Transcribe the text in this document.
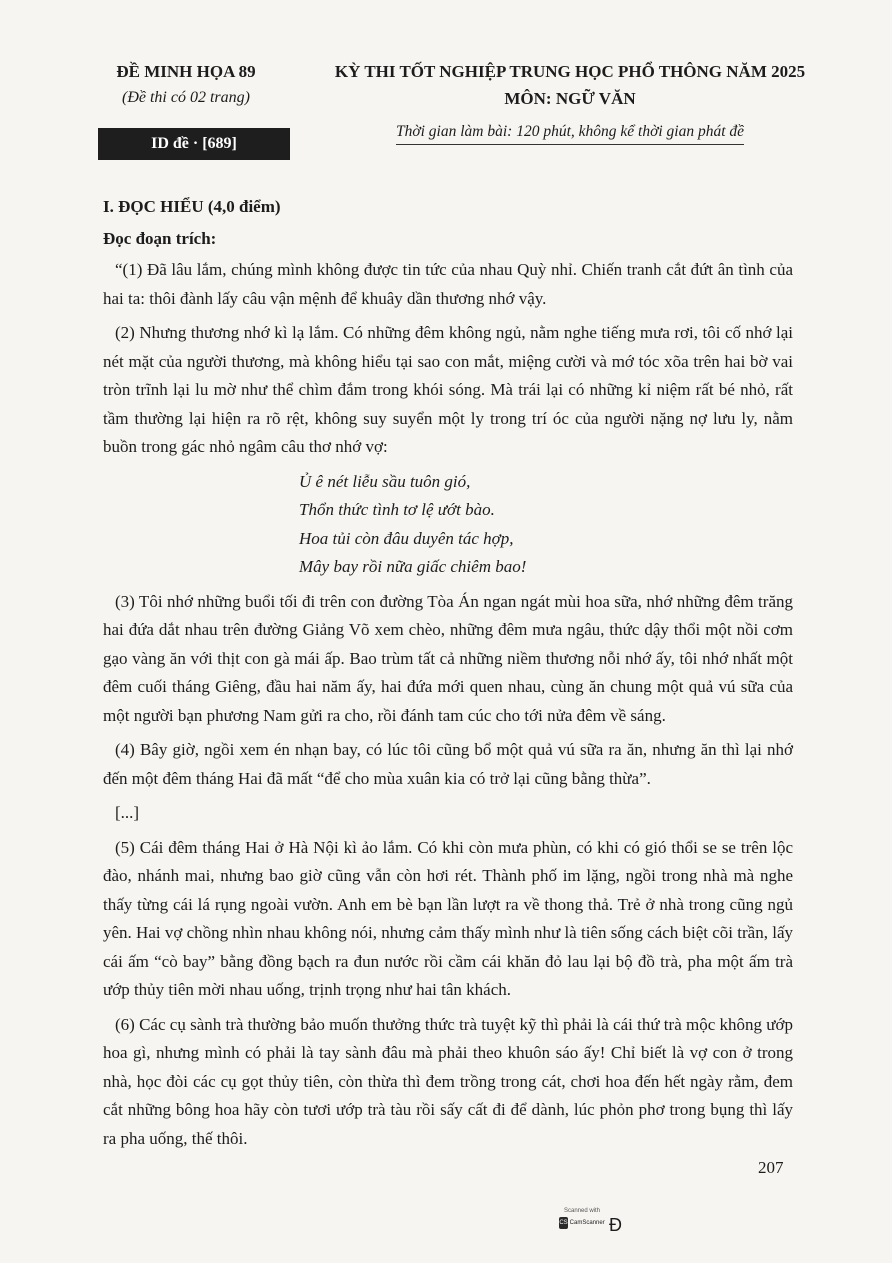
ĐỀ MINH HỌA 89
(Đề thi có 02 trang)
ID đề · [689]
KỲ THI TỐT NGHIỆP TRUNG HỌC PHỔ THÔNG NĂM 2025
MÔN: NGỮ VĂN
Thời gian làm bài: 120 phút, không kể thời gian phát đề
I. ĐỌC HIỂU (4,0 điểm)
Đọc đoạn trích:

“(1) Đã lâu lắm, chúng mình không được tin tức của nhau Quỳ nhỉ. Chiến tranh cắt đứt ân tình của hai ta: thôi đành lấy câu vận mệnh để khuây dần thương nhớ vậy.

(2) Nhưng thương nhớ kì lạ lắm. Có những đêm không ngủ, nằm nghe tiếng mưa rơi, tôi cố nhớ lại nét mặt của người thương, mà không hiểu tại sao con mắt, miệng cười và mớ tóc xõa trên hai bờ vai tròn trĩnh lại lu mờ như thể chìm đắm trong khói sóng. Mà trái lại có những kỉ niệm rất bé nhỏ, rất tầm thường lại hiện ra rõ rệt, không suy suyển một ly trong trí óc của người nặng nợ lưu ly, nằm buồn trong gác nhỏ ngâm câu thơ nhớ vợ:

Ủ ê nét liễu sầu tuôn gió,
Thổn thức tình tơ lệ ướt bào.
Hoa tủi còn đâu duyên tác hợp,
Mây bay rồi nữa giấc chiêm bao!

(3) Tôi nhớ những buổi tối đi trên con đường Tòa Án ngan ngát mùi hoa sữa, nhớ những đêm trăng hai đứa dắt nhau trên đường Giảng Võ xem chèo, những đêm mưa ngâu, thức dậy thổi một nồi cơm gạo vàng ăn với thịt con gà mái ấp. Bao trùm tất cả những niềm thương nỗi nhớ ấy, tôi nhớ nhất một đêm cuối tháng Giêng, đầu hai năm ấy, hai đứa mới quen nhau, cùng ăn chung một quả vú sữa của một người bạn phương Nam gửi ra cho, rồi đánh tam cúc cho tới nửa đêm về sáng.

(4) Bây giờ, ngồi xem én nhạn bay, có lúc tôi cũng bổ một quả vú sữa ra ăn, nhưng ăn thì lại nhớ đến một đêm tháng Hai đã mất “để cho mùa xuân kia có trở lại cũng bằng thừa”.

[...]

(5) Cái đêm tháng Hai ở Hà Nội kì ảo lắm. Có khi còn mưa phùn, có khi có gió thổi se se trên lộc đào, nhánh mai, nhưng bao giờ cũng vẫn còn hơi rét. Thành phố im lặng, ngồi trong nhà mà nghe thấy từng cái lá rụng ngoài vườn. Anh em bè bạn lần lượt ra về thong thả. Trẻ ở nhà trong cũng ngủ yên. Hai vợ chồng nhìn nhau không nói, nhưng cảm thấy mình như là tiên sống cách biệt cõi trần, lấy cái ấm “cò bay” bằng đồng bạch ra đun nước rồi cầm cái khăn đỏ lau lại bộ đồ trà, pha một ấm trà ướp thủy tiên mời nhau uống, trịnh trọng như hai tân khách.

(6) Các cụ sành trà thường bảo muốn thưởng thức trà tuyệt kỹ thì phải là cái thứ trà mộc không ướp hoa gì, nhưng mình có phải là tay sành đâu mà phải theo khuôn sáo ấy! Chỉ biết là vợ con ở trong nhà, học đòi các cụ gọt thủy tiên, còn thừa thì đem trồng trong cát, chơi hoa đến hết ngày rằm, đem cắt những bông hoa hãy còn tươi ướp trà tàu rồi sấy cất đi để dành, lúc phỏn phơ trong bụng thì lấy ra pha uống, thế thôi.

207
Scanned with
CS CamScanner Đ
